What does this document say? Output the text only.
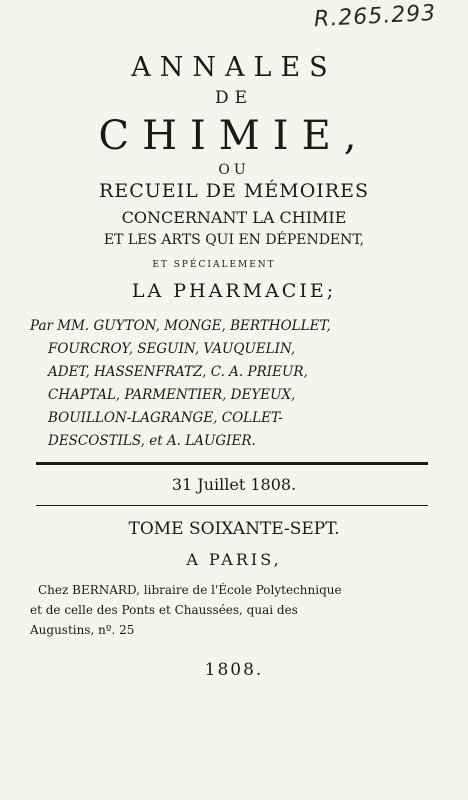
R.265.293
ANNALES
DE
CHIMIE,
OU
RECUEIL DE MÉMOIRES
CONCERNANT LA CHIMIE
ET LES ARTS QUI EN DÉPENDENT,
ET SPÉCIALEMENT
LA PHARMACIE;
Par MM. GUYTON, MONGE, BERTHOLLET,
FOURCROY, SEGUIN, VAUQUELIN,
ADET, HASSENFRATZ, C. A. PRIEUR,
CHAPTAL, PARMENTIER, DEYEUX,
BOUILLON-LAGRANGE, COLLET-
DESCOSTILS, et A. LAUGIER.
31 Juillet 1808.
TOME SOIXANTE-SEPT.
A PARIS,
Chez BERNARD, libraire de l'École Polytechnique
et de celle des Ponts et Chaussées, quai des
Augustins, nº. 25
1808.
